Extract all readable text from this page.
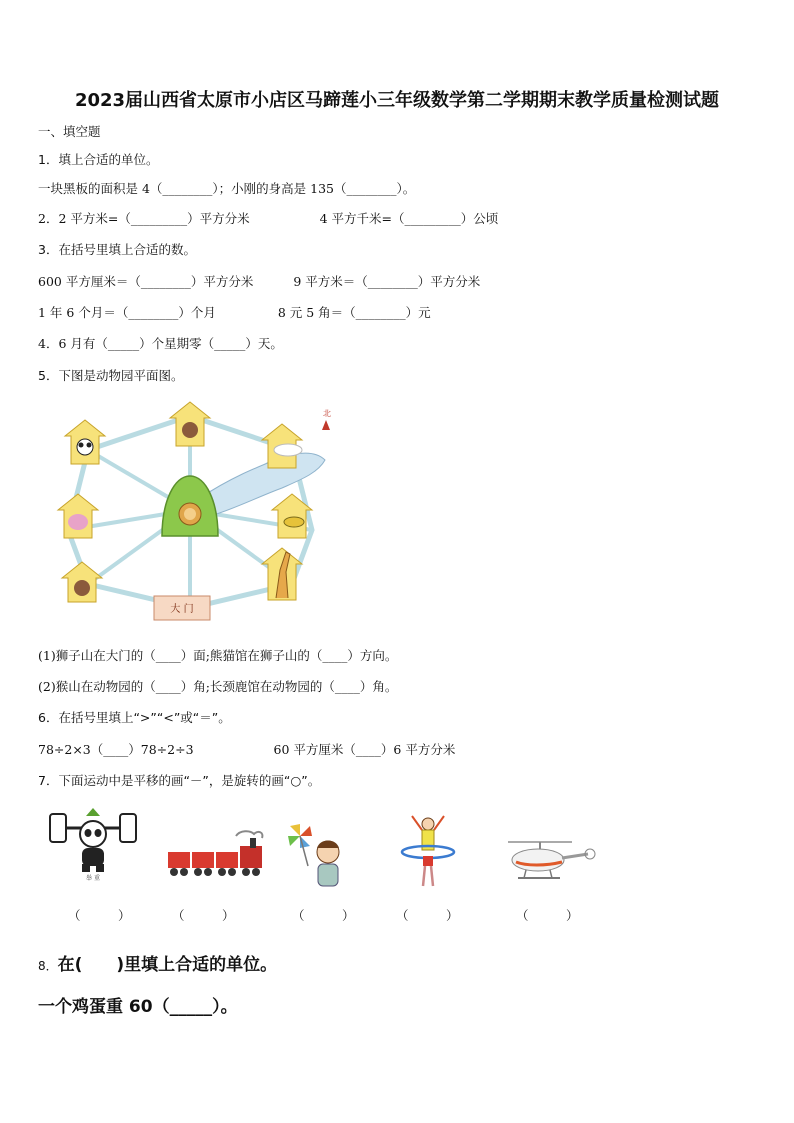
2023届山西省太原市小店区马蹄莲小三年级数学第二学期期末教学质量检测试题
一、填空题
1．填上合适的单位。
一块黑板的面积是 4（________）；小刚的身高是 135（________）。
2．2 平方米=（_________）平方分米	4 平方千米=（_________）公顷
3．在括号里填上合适的数。
600 平方厘米＝（________）平方分米	9 平方米＝（________）平方分米
1 年 6 个月＝（________）个月	8 元 5 角＝（________）元
4．6 月有（_____）个星期零（_____）天。
5．下图是动物园平面图。
大 门
北
(1)狮子山在大门的（____）面;熊猫馆在狮子山的（____）方向。
(2)猴山在动物园的（____）角;长颈鹿馆在动物园的（____）角。
6．在括号里填上“>”“<”或“＝”。
78÷2×3（____）78÷2÷3	60 平方厘米（____）6 平方分米
7．下面运动中是平移的画“－”，是旋转的画“○”。
举 重
（　　　）	（　　　）	（　　　）	（　　　）	（　　　）
8．在(　　)里填上合适的单位。
一个鸡蛋重 60（_____）。
